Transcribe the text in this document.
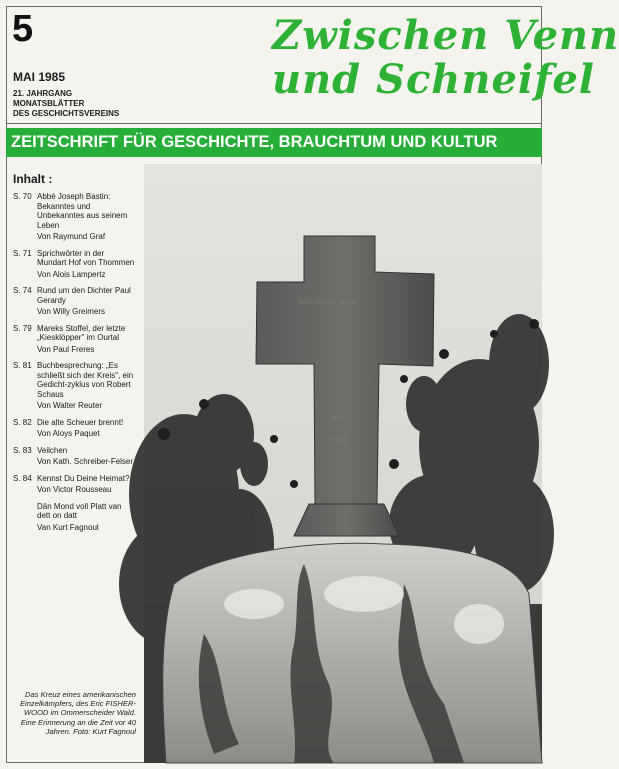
5
MAI 1985
21. JAHRGANG
MONATSBLÄTTER
DES GESCHICHTSVEREINS
Zwischen Venn
und Schneifel
ZEITSCHRIFT FÜR GESCHICHTE, BRAUCHTUM UND KULTUR
Inhalt :
S. 70 Abbé Joseph Bastin: Bekanntes und Unbekanntes aus seinem Leben
Von Raymund Graf
S. 71 Sprichwörter in der Mundart Hof von Thommen
Von Alois Lampertz
S. 74 Rund um den Dichter Paul Gerardy
Von Willy Greimers
S. 79 Mareks Stoffel, der letzte „Kiesklöpper" im Ourtal
Von Paul Freres
S. 81 Buchbesprechung: „Es schließt sich der Kreis", ein Gedicht-zyklus von Robert Schaus
Von Walter Reuter
S. 82 Die alte Scheuer brennt!
Von Aloys Paquet
S. 83 Veilchen
Von Kath. Schreiber-Felser
S. 84 Kennst Du Deine Heimat?
Von Victor Rousseau
Dän Mond voll Platt van dett on datt
Van Kurt Fagnoul
Das Kreuz eines amerikanischen Einzelkämpfers, des Eric FISHER-WOOD im Ommerscheider Wald. Eine Erinnerung an die Zeit vor 40 Jahren. Foto: Kurt Fagnoul
ERIC FISHER WOOD
1944
Friede
